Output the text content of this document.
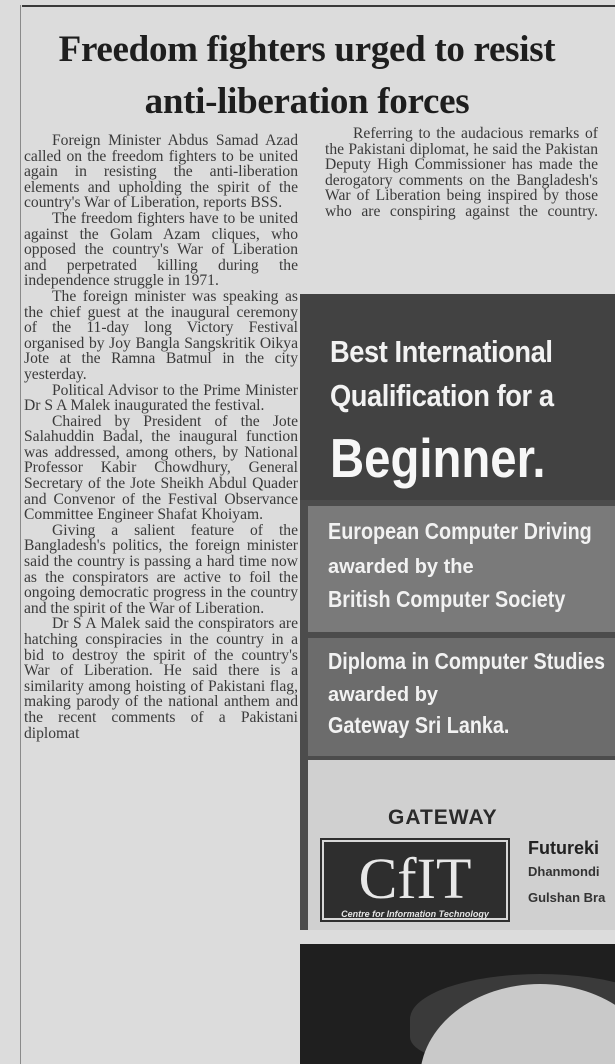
Freedom fighters urged to resist anti-liberation forces

Foreign Minister Abdus Samad Azad called on the freedom fighters to be united again in resisting the anti-liberation elements and upholding the spirit of the country's War of Liberation, reports BSS.

The freedom fighters have to be united against the Golam Azam cliques, who opposed the country's War of Liberation and perpetrated killing during the independence struggle in 1971.

The foreign minister was speaking as the chief guest at the inaugural ceremony of the 11-day long Victory Festival organised by Joy Bangla Sangskritik Oikya Jote at the Ramna Batmul in the city yesterday.

Political Advisor to the Prime Minister Dr S A Malek inaugurated the festival.

Chaired by President of the Jote Salahuddin Badal, the inaugural function was addressed, among others, by National Professor Kabir Chowdhury, General Secretary of the Jote Sheikh Abdul Quader and Convenor of the Festival Observance Committee Engineer Shafat Khoiyam.

Giving a salient feature of the Bangladesh's politics, the foreign minister said the country is passing a hard time now as the conspirators are active to foil the ongoing democratic progress in the country and the spirit of the War of Liberation.

Dr S A Malek said the conspirators are hatching conspiracies in the country in a bid to destroy the spirit of the country's War of Liberation. He said there is a similarity among hoisting of Pakistani flag, making parody of the national anthem and the recent comments of a Pakistani diplomat

Referring to the audacious remarks of the Pakistani diplomat, he said the Pakistan Deputy High Commissioner has made the derogatory comments on the Bangladesh's War of Liberation being inspired by those who are conspiring against the country.

Best International
Qualification for a
Beginner.
European Computer Driving
awarded by the
British Computer Society
Diploma in Computer Studies
awarded by
Gateway Sri Lanka.
GATEWAY
CfIT
Centre for Information Technology
Futureki
Dhanmondi
Gulshan Bra
